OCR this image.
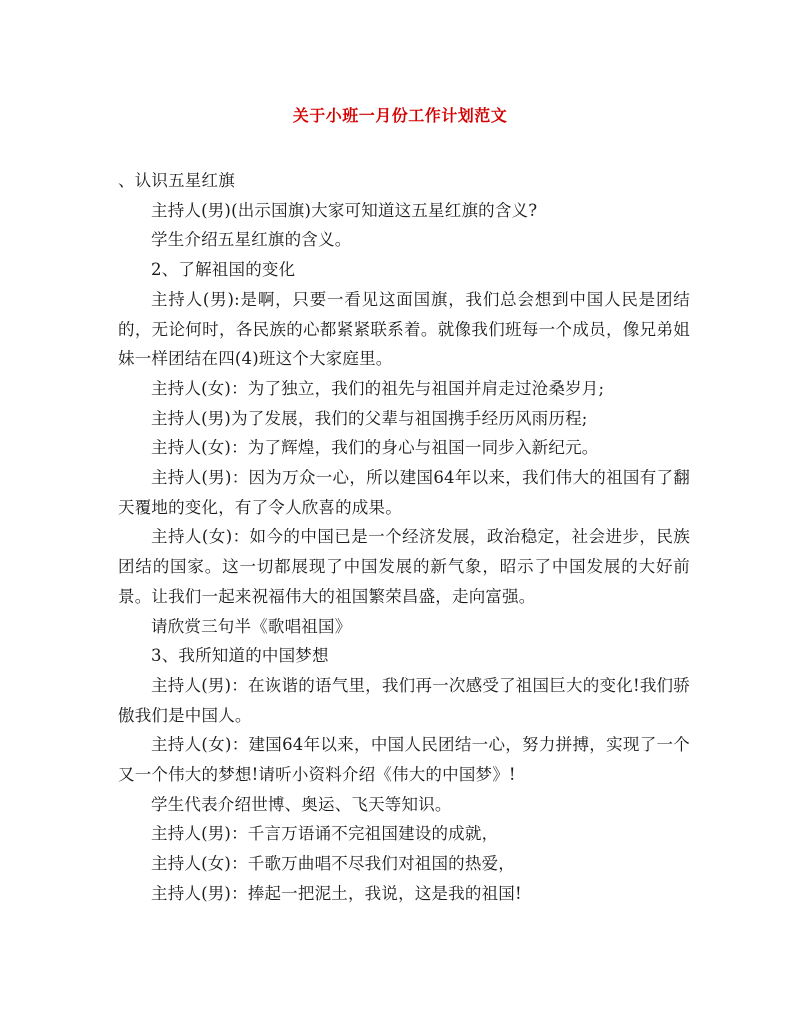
关于小班一月份工作计划范文

、认识五星红旗

主持人(男)(出示国旗)大家可知道这五星红旗的含义?

学生介绍五星红旗的含义。

2、了解祖国的变化

主持人(男):是啊，只要一看见这面国旗，我们总会想到中国人民是团结的，无论何时，各民族的心都紧紧联系着。就像我们班每一个成员，像兄弟姐妹一样团结在四(4)班这个大家庭里。

主持人(女)：为了独立，我们的祖先与祖国并肩走过沧桑岁月;

主持人(男)为了发展，我们的父辈与祖国携手经历风雨历程;

主持人(女)：为了辉煌，我们的身心与祖国一同步入新纪元。

主持人(男)：因为万众一心，所以建国64年以来，我们伟大的祖国有了翻天覆地的变化，有了令人欣喜的成果。

主持人(女)：如今的中国已是一个经济发展，政治稳定，社会进步，民族团结的国家。这一切都展现了中国发展的新气象，昭示了中国发展的大好前景。让我们一起来祝福伟大的祖国繁荣昌盛，走向富强。

请欣赏三句半《歌唱祖国》

3、我所知道的中国梦想

主持人(男)：在诙谐的语气里，我们再一次感受了祖国巨大的变化!我们骄傲我们是中国人。

主持人(女)：建国64年以来，中国人民团结一心，努力拼搏，实现了一个又一个伟大的梦想!请听小资料介绍《伟大的中国梦》!

学生代表介绍世博、奥运、飞天等知识。

主持人(男)：千言万语诵不完祖国建设的成就，

主持人(女)：千歌万曲唱不尽我们对祖国的热爱，

主持人(男)：捧起一把泥土，我说，这是我的祖国!
